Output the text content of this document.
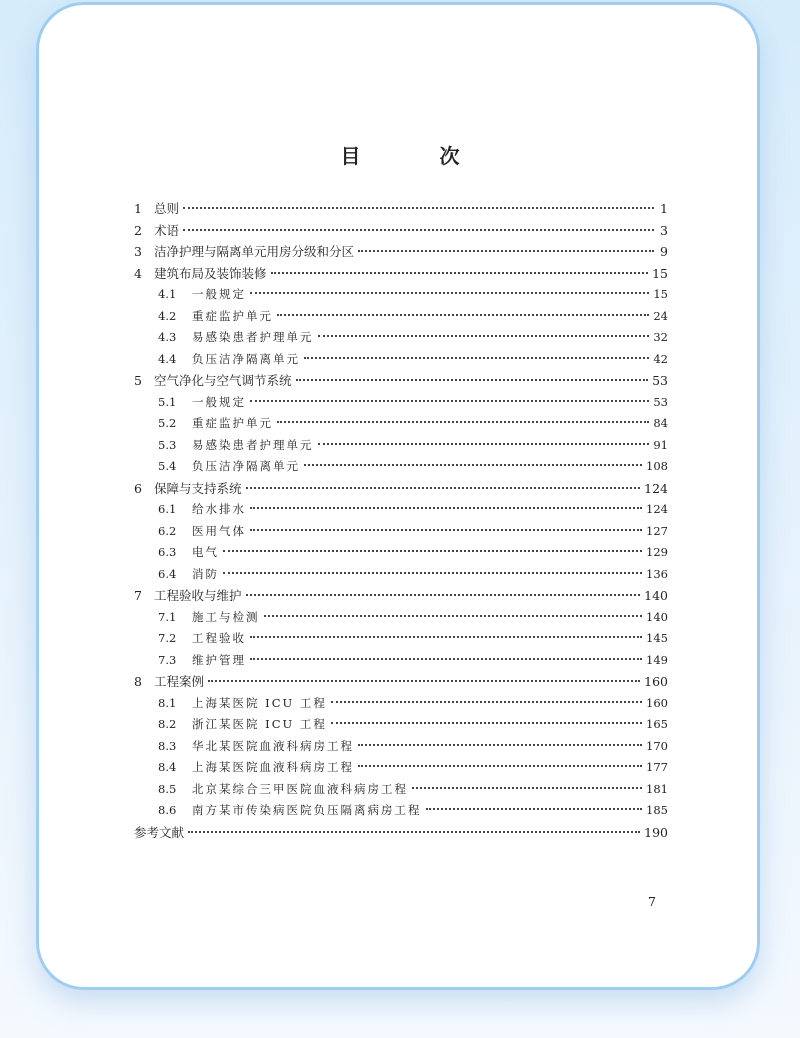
目 次
1 总则	1
2 术语	3
3 洁净护理与隔离单元用房分级和分区	9
4 建筑布局及装饰装修	15
4.1	一般规定	15
4.2	重症监护单元	24
4.3	易感染患者护理单元	32
4.4	负压洁净隔离单元	42
5 空气净化与空气调节系统	53
5.1	一般规定	53
5.2	重症监护单元	84
5.3	易感染患者护理单元	91
5.4	负压洁净隔离单元	108
6 保障与支持系统	124
6.1	给水排水	124
6.2	医用气体	127
6.3	电气	129
6.4	消防	136
7 工程验收与维护	140
7.1	施工与检测	140
7.2	工程验收	145
7.3	维护管理	149
8 工程案例	160
8.1	上海某医院 ICU 工程	160
8.2	浙江某医院 ICU 工程	165
8.3	华北某医院血液科病房工程	170
8.4	上海某医院血液科病房工程	177
8.5	北京某综合三甲医院血液科病房工程	181
8.6	南方某市传染病医院负压隔离病房工程	185
参考文献	190
7
